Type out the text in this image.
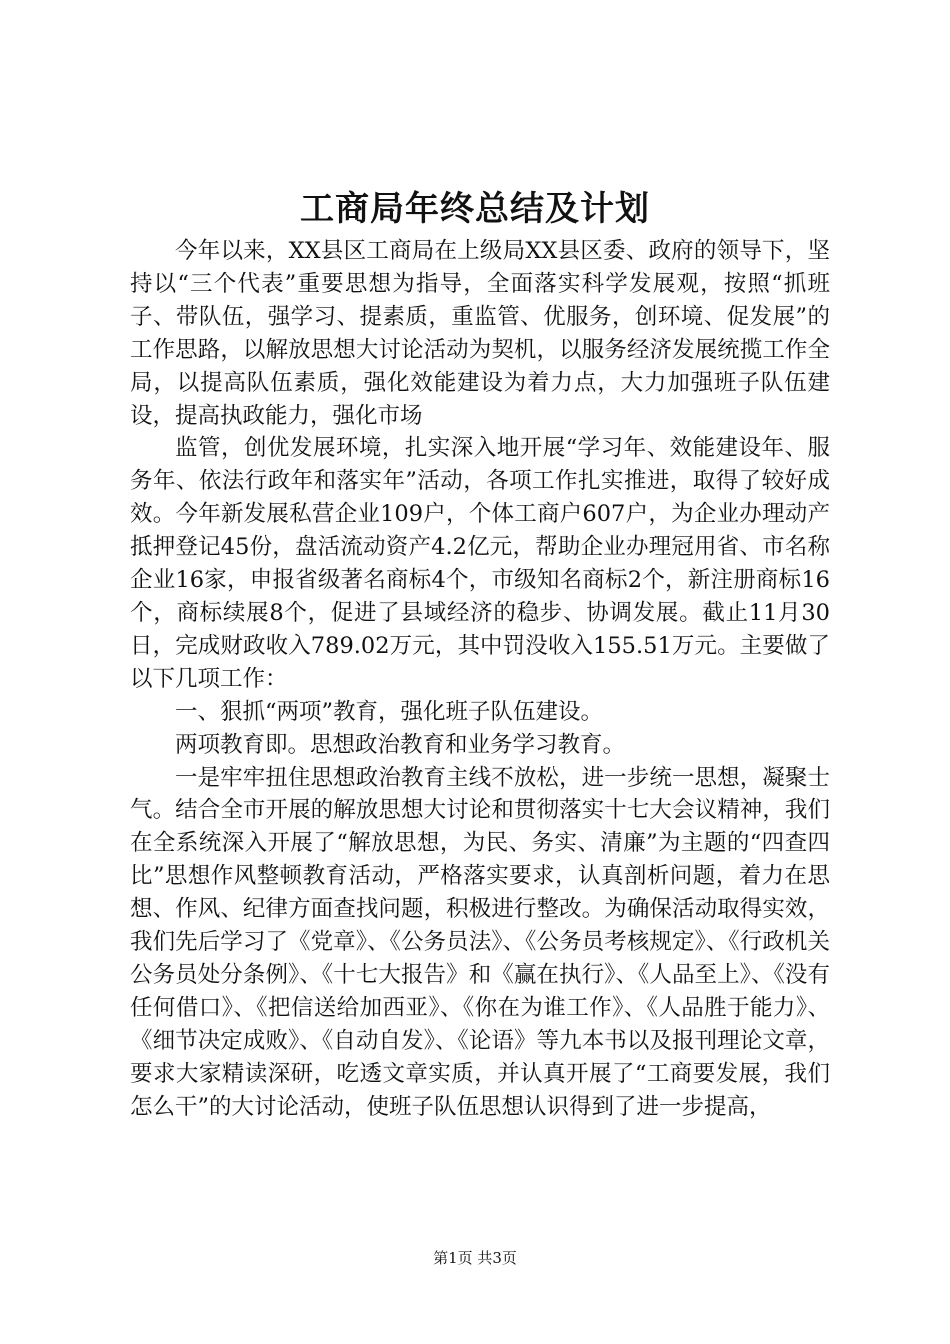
工商局年终总结及计划

今年以来，XX县区工商局在上级局XX县区委、政府的领导下，坚持以“三个代表”重要思想为指导，全面落实科学发展观，按照“抓班子、带队伍，强学习、提素质，重监管、优服务，创环境、促发展”的工作思路，以解放思想大讨论活动为契机，以服务经济发展统揽工作全局，以提高队伍素质，强化效能建设为着力点，大力加强班子队伍建设，提高执政能力，强化市场

监管，创优发展环境，扎实深入地开展“学习年、效能建设年、服务年、依法行政年和落实年”活动，各项工作扎实推进，取得了较好成效。今年新发展私营企业109户，个体工商户607户，为企业办理动产抵押登记45份，盘活流动资产4.2亿元，帮助企业办理冠用省、市名称企业16家，申报省级著名商标4个，市级知名商标2个，新注册商标16个，商标续展8个，促进了县域经济的稳步、协调发展。截止11月30日，完成财政收入789.02万元，其中罚没收入155.51万元。主要做了以下几项工作：

一、狠抓“两项”教育，强化班子队伍建设。

两项教育即。思想政治教育和业务学习教育。

一是牢牢扭住思想政治教育主线不放松，进一步统一思想，凝聚士气。结合全市开展的解放思想大讨论和贯彻落实十七大会议精神，我们在全系统深入开展了“解放思想，为民、务实、清廉”为主题的“四查四比”思想作风整顿教育活动，严格落实要求，认真剖析问题，着力在思想、作风、纪律方面查找问题，积极进行整改。为确保活动取得实效，我们先后学习了《党章》、《公务员法》、《公务员考核规定》、《行政机关公务员处分条例》、《十七大报告》和《赢在执行》、《人品至上》、《没有任何借口》、《把信送给加西亚》、《你在为谁工作》、《人品胜于能力》、《细节决定成败》、《自动自发》、《论语》等九本书以及报刊理论文章，要求大家精读深研，吃透文章实质，并认真开展了“工商要发展，我们怎么干”的大讨论活动，使班子队伍思想认识得到了进一步提高，

第1页 共3页
